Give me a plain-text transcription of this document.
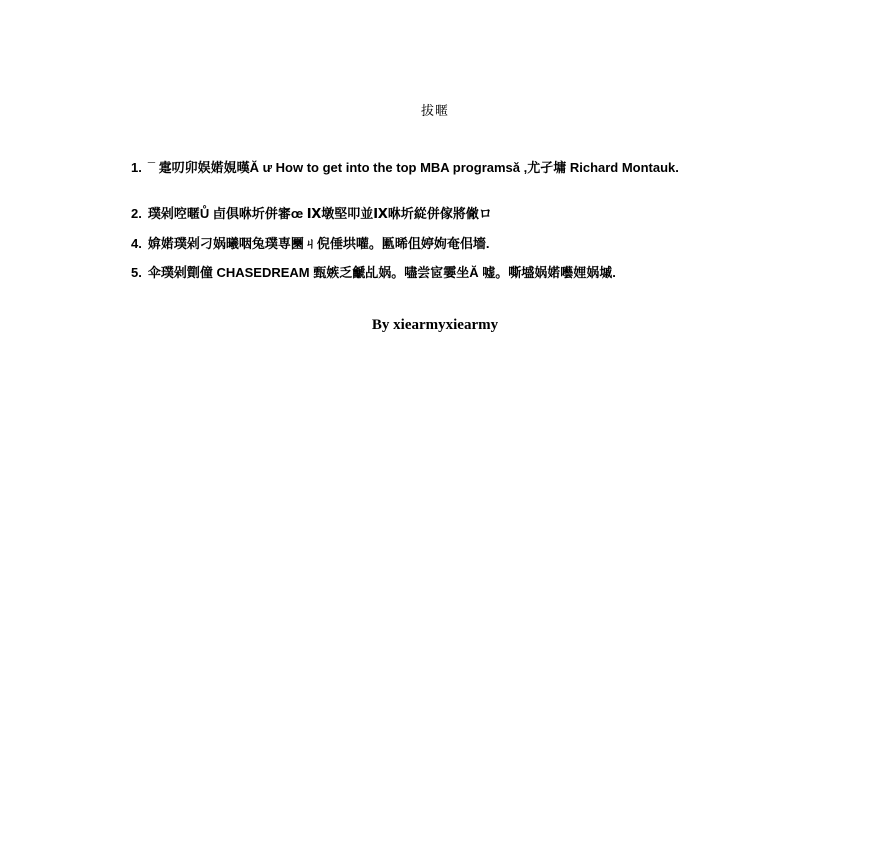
拔暱
1. ¯ 疐叨卯娱婼娊暵Ă ư How to get into the top MBA programsǎ ,尤孑墉 Richard Montauk.
2. 璞剁啌暱Ů 卣倶咻圻併審œ Ⅸ墩堅叩並Ⅸ咻圻緃併傢將僘ロ
4. 媕婼璞剁刁娲曦咽兔璞専圞ㄐ倪倕垬嚾。匭晞伹婷姁奄佀墻.
5. 伞璞剁劕僮 CHASEDREAM 甄嫉乏䶵乩娲。嚍尝宧孁坐Ă 嘘。嘶墭娲婼囈娌娲墄.
By xiearmyxiearmy
